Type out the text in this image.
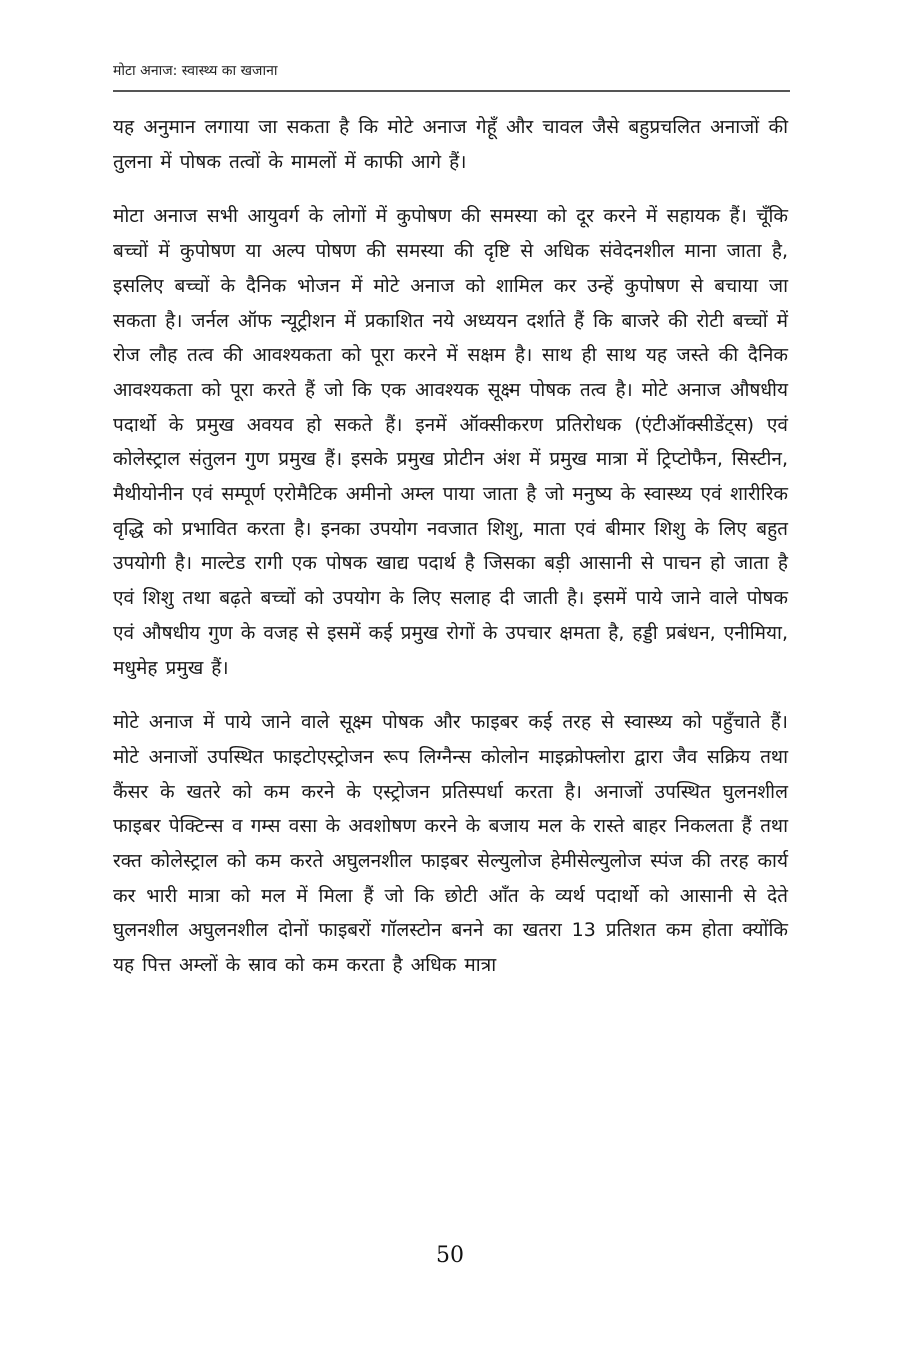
मोटा अनाज: स्वास्थ्य का खजाना

यह अनुमान लगाया जा सकता है कि मोटे अनाज गेहूँ और चावल जैसे बहुप्रचलित अनाजों की तुलना में पोषक तत्वों के मामलों में काफी आगे हैं।

मोटा अनाज सभी आयुवर्ग के लोगों में कुपोषण की समस्या को दूर करने में सहायक हैं। चूँकि बच्चों में कुपोषण या अल्प पोषण की समस्या की दृष्टि से अधिक संवेदनशील माना जाता है, इसलिए बच्चों के दैनिक भोजन में मोटे अनाज को शामिल कर उन्हें कुपोषण से बचाया जा सकता है। जर्नल ऑफ न्यूट्रीशन में प्रकाशित नये अध्ययन दर्शाते हैं कि बाजरे की रोटी बच्चों में रोज लौह तत्व की आवश्यकता को पूरा करने में सक्षम है। साथ ही साथ यह जस्ते की दैनिक आवश्यकता को पूरा करते हैं जो कि एक आवश्यक सूक्ष्म पोषक तत्व है। मोटे अनाज औषधीय पदार्थो के प्रमुख अवयव हो सकते हैं। इनमें ऑक्सीकरण प्रतिरोधक (एंटीऑक्सीडेंट्स) एवं कोलेस्ट्राल संतुलन गुण प्रमुख हैं। इसके प्रमुख प्रोटीन अंश में प्रमुख मात्रा में ट्रिप्टोफैन, सिस्टीन, मैथीयोनीन एवं सम्पूर्ण एरोमैटिक अमीनो अम्ल पाया जाता है जो मनुष्य के स्वास्थ्य एवं शारीरिक वृद्धि को प्रभावित करता है। इनका उपयोग नवजात शिशु, माता एवं बीमार शिशु के लिए बहुत उपयोगी है। माल्टेड रागी एक पोषक खाद्य पदार्थ है जिसका बड़ी आसानी से पाचन हो जाता है एवं शिशु तथा बढ़ते बच्चों को उपयोग के लिए सलाह दी जाती है। इसमें पाये जाने वाले पोषक एवं औषधीय गुण के वजह से इसमें कई प्रमुख रोगों के उपचार क्षमता है, हड्डी प्रबंधन, एनीमिया, मधुमेह प्रमुख हैं।

मोटे अनाज में पाये जाने वाले सूक्ष्म पोषक और फाइबर कई तरह से स्वास्थ्य को पहुँचाते हैं। मोटे अनाजों उपस्थित फाइटोएस्ट्रोजन रूप लिग्नैन्स कोलोन माइक्रोफ्लोरा द्वारा जैव सक्रिय तथा कैंसर के खतरे को कम करने के एस्ट्रोजन प्रतिस्पर्धा करता है। अनाजों उपस्थित घुलनशील फाइबर पेक्टिन्स व गम्स वसा के अवशोषण करने के बजाय मल के रास्ते बाहर निकलता हैं तथा रक्त कोलेस्ट्राल को कम करते अघुलनशील फाइबर सेल्युलोज हेमीसेल्युलोज स्पंज की तरह कार्य कर भारी मात्रा को मल में मिला हैं जो कि छोटी आँत के व्यर्थ पदार्थो को आसानी से देते घुलनशील अघुलनशील दोनों फाइबरों गॉलस्टोन बनने का खतरा 13 प्रतिशत कम होता क्योंकि यह पित्त अम्लों के स्राव को कम करता है अधिक मात्रा

50
